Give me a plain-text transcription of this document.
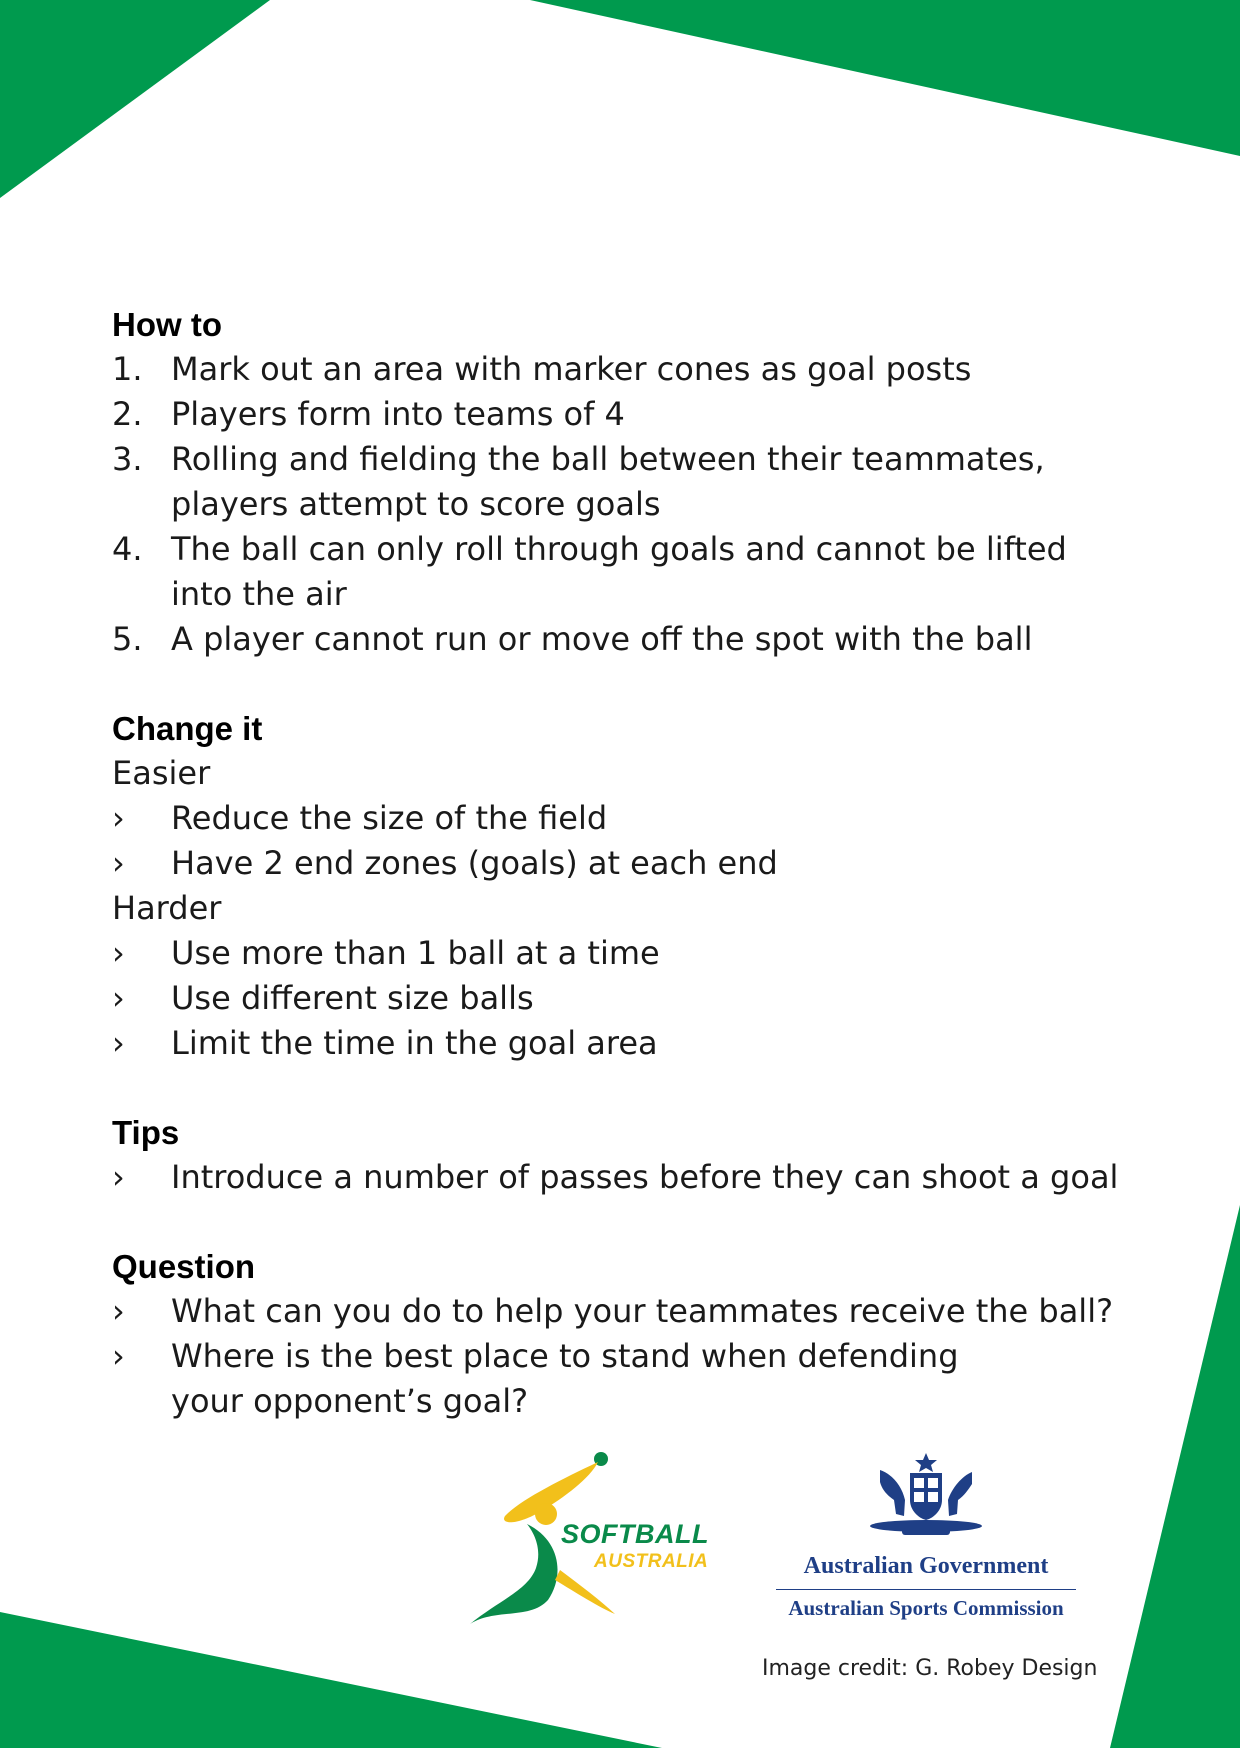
How to
1. Mark out an area with marker cones as goal posts
2. Players form into teams of 4
3. Rolling and fielding the ball between their teammates, players attempt to score goals
4. The ball can only roll through goals and cannot be lifted into the air
5. A player cannot run or move off the spot with the ball
Change it
Easier
›	Reduce the size of the field
›	Have 2 end zones (goals) at each end
Harder
›	Use more than 1 ball at a time
›	Use different size balls
›	Limit the time in the goal area
Tips
›	Introduce a number of passes before they can shoot a goal
Question
›	What can you do to help your teammates receive the ball?
›	Where is the best place to stand when defending your opponent’s goal?
SOFTBALL
AUSTRALIA	Australian Government
Australian Sports Commission
Image credit: G. Robey Design
